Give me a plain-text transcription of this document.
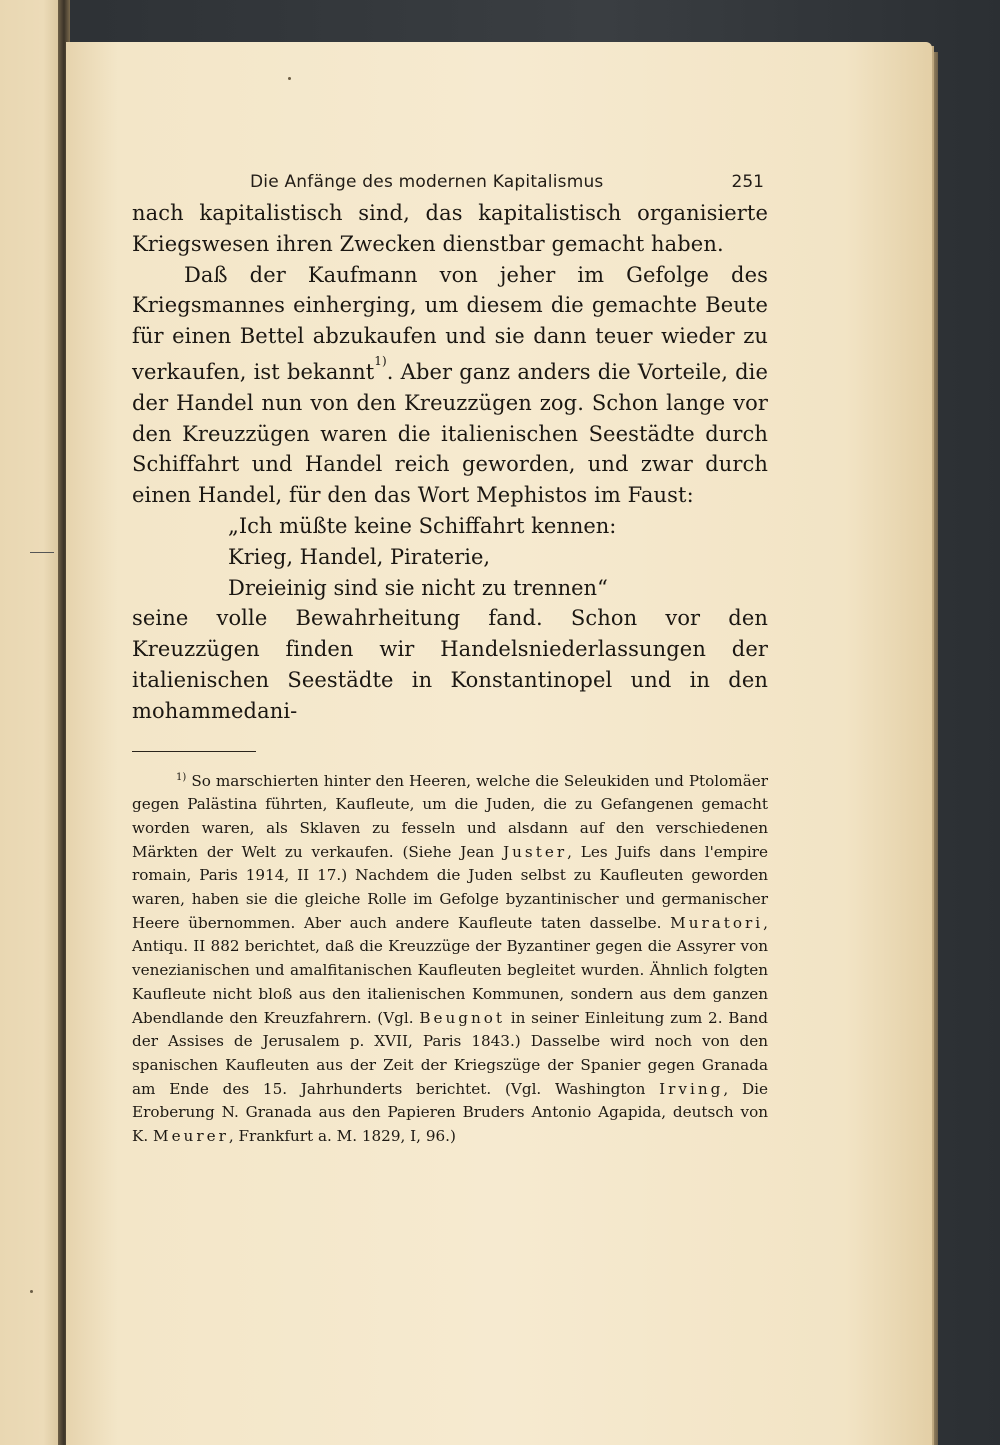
Die Anfänge des modernen Kapitalismus	251

nach kapitalistisch sind, das kapitalistisch organisierte Kriegswesen ihren Zwecken dienstbar gemacht haben.

Daß der Kaufmann von jeher im Gefolge des Kriegsmannes einherging, um diesem die gemachte Beute für einen Bettel abzukaufen und sie dann teuer wieder zu verkaufen, ist bekannt$^{1)}$. Aber ganz anders die Vorteile, die der Handel nun von den Kreuzzügen zog. Schon lange vor den Kreuzzügen waren die italienischen Seestädte durch Schiffahrt und Handel reich geworden, und zwar durch einen Handel, für den das Wort Mephistos im Faust:

„Ich müßte keine Schiffahrt kennen:
Krieg, Handel, Piraterie,
Dreieinig sind sie nicht zu trennen“

seine volle Bewahrheitung fand. Schon vor den Kreuzzügen finden wir Handelsniederlassungen der italienischen Seestädte in Konstantinopel und in den mohammedani-

$^{1)}$ So marschierten hinter den Heeren, welche die Seleukiden und Ptolomäer gegen Palästina führten, Kaufleute, um die Juden, die zu Gefangenen gemacht worden waren, als Sklaven zu fesseln und alsdann auf den verschiedenen Märkten der Welt zu verkaufen. (Siehe Jean Juster, Les Juifs dans l'empire romain, Paris 1914, II 17.) Nachdem die Juden selbst zu Kaufleuten geworden waren, haben sie die gleiche Rolle im Gefolge byzantinischer und germanischer Heere übernommen. Aber auch andere Kaufleute taten dasselbe. Muratori, Antiqu. II 882 berichtet, daß die Kreuzzüge der Byzantiner gegen die Assyrer von venezianischen und amalfitanischen Kaufleuten begleitet wurden. Ähnlich folgten Kaufleute nicht bloß aus den italienischen Kommunen, sondern aus dem ganzen Abendlande den Kreuzfahrern. (Vgl. Beugnot in seiner Einleitung zum 2. Band der Assises de Jerusalem p. XVII, Paris 1843.) Dasselbe wird noch von den spanischen Kaufleuten aus der Zeit der Kriegszüge der Spanier gegen Granada am Ende des 15. Jahrhunderts berichtet. (Vgl. Washington Irving, Die Eroberung N. Granada aus den Papieren Bruders Antonio Agapida, deutsch von K. Meurer, Frankfurt a. M. 1829, I, 96.)
